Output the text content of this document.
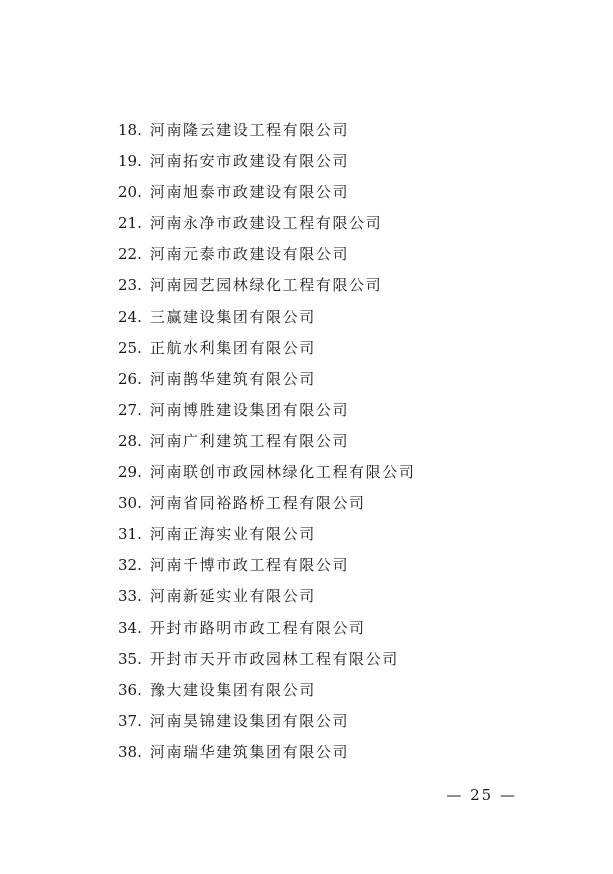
18. 河南隆云建设工程有限公司
19. 河南拓安市政建设有限公司
20. 河南旭泰市政建设有限公司
21. 河南永净市政建设工程有限公司
22. 河南元泰市政建设有限公司
23. 河南园艺园林绿化工程有限公司
24. 三赢建设集团有限公司
25. 正航水利集团有限公司
26. 河南鹊华建筑有限公司
27. 河南博胜建设集团有限公司
28. 河南广利建筑工程有限公司
29. 河南联创市政园林绿化工程有限公司
30. 河南省同裕路桥工程有限公司
31. 河南正海实业有限公司
32. 河南千博市政工程有限公司
33. 河南新延实业有限公司
34. 开封市路明市政工程有限公司
35. 开封市天开市政园林工程有限公司
36. 豫大建设集团有限公司
37. 河南昊锦建设集团有限公司
38. 河南瑞华建筑集团有限公司
— 25 —
